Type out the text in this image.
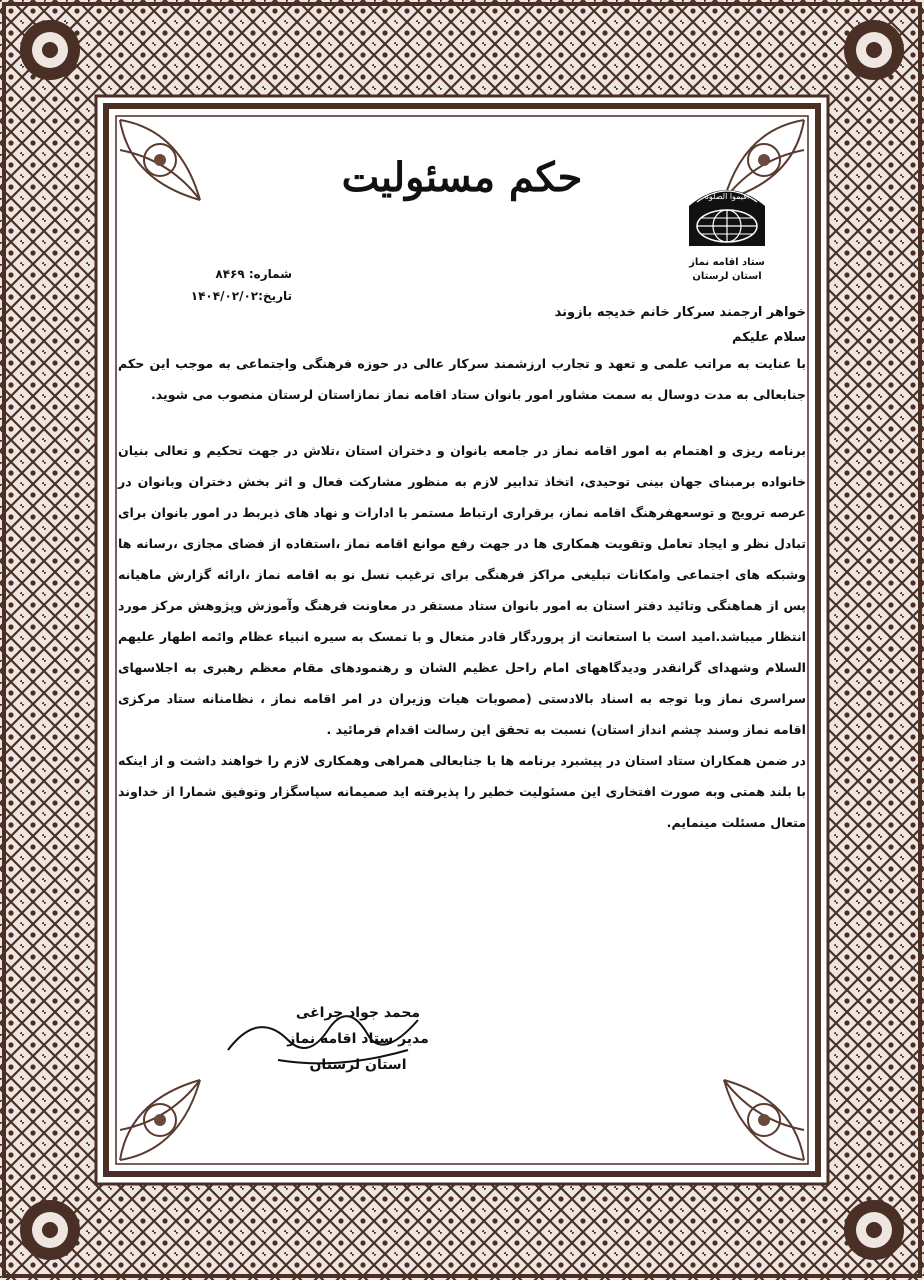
حکم مسئولیت	اقیموا الصلوة
ستاد اقامه نماز
استان لرستان
شماره: ۸۴۶۹
تاریخ:۱۴۰۴/۰۲/۰۲
خواهر ارجمند سرکار خانم خدیجه بازوند
سلام علیکم

با عنایت به مراتب علمی و تعهد و تجارب ارزشمند سرکار عالی در حوزه فرهنگی واجتماعی به موجب این حکم جنابعالی به مدت دوسال به سمت مشاور امور بانوان ستاد اقامه نماز نمازاستان لرستان منصوب می شوید.

برنامه ریزی و اهتمام به امور اقامه نماز در جامعه بانوان و دختران استان ،تلاش در جهت تحکیم و تعالی بنیان خانواده برمبنای جهان بینی توحیدی، اتخاذ تدابیر لازم به منظور مشارکت فعال و اثر بخش دختران وبانوان در عرصه ترویج و توسعهفرهنگ اقامه نماز، برقراری ارتباط مستمر با ادارات و نهاد های ذیربط در امور بانوان برای تبادل نظر و ایجاد تعامل وتقویت همکاری ها در جهت رفع موانع اقامه نماز ،استفاده از فضای مجازی ،رسانه ها وشبکه های اجتماعی وامکانات تبلیغی مراکز فرهنگی برای ترغیب نسل نو به اقامه نماز ،ارائه گزارش ماهیانه پس از هماهنگی وتائید دفتر استان به امور بانوان ستاد مستقر در معاونت فرهنگ وآموزش وپژوهش مرکز مورد انتظار میباشد.امید است با استعانت از پروردگار قادر متعال و با تمسک به سیره انبیاء عظام وائمه اطهار علیهم السلام وشهدای گرانقدر ودیدگاههای امام راحل عظیم الشان و رهنمودهای مقام معظم رهبری به اجلاسهای سراسری نماز وبا توجه به اسناد بالادستی (مصوبات هیات وزیران در امر اقامه نماز ، نظامنانه ستاد مرکزی اقامه نماز وسند چشم انداز استان) نسبت به تحقق این رسالت اقدام فرمائید .

در ضمن همکاران ستاد استان در پیشبرد برنامه ها با جنابعالی همراهی وهمکاری لازم را خواهند داشت و از اینکه با بلند همتی وبه صورت افتخاری این مسئولیت خطیر را پذیرفته اید صمیمانه سپاسگزار وتوفیق شمارا از خداوند متعال مسئلت مینمایم.

محمد جواد چراغی
مدیر ستاد اقامه نماز
استان لرستان
